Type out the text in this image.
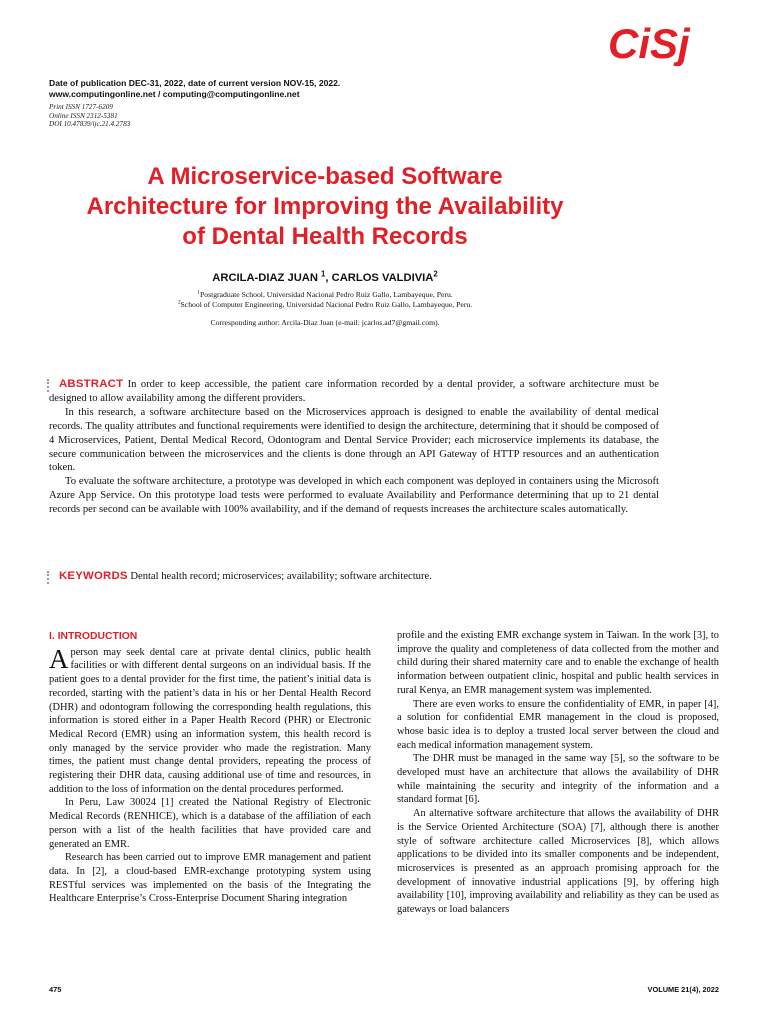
CiSj
Date of publication DEC-31, 2022, date of current version NOV-15, 2022.
www.computingonline.net / computing@computingonline.net
Print ISSN 1727-6209
Online ISSN 2312-5381
DOI 10.47839/ijc.21.4.2783
A Microservice-based Software
Architecture for Improving the Availability
of Dental Health Records
ARCILA-DIAZ JUAN $^1$, CARLOS VALDIVIA$^2$
$^1$Postgraduate School, Universidad Nacional Pedro Ruiz Gallo, Lambayeque, Peru.
$^2$School of Computer Engineering, Universidad Nacional Pedro Ruiz Gallo, Lambayeque, Peru.
Corresponding author: Arcila-Diaz Juan (e-mail: jcarlos.ad7@gmail.com).

ABSTRACT In order to keep accessible, the patient care information recorded by a dental provider, a software architecture must be designed to allow availability among the different providers.

In this research, a software architecture based on the Microservices approach is designed to enable the availability of dental medical records. The quality attributes and functional requirements were identified to design the architecture, determining that it should be composed of 4 Microservices, Patient, Dental Medical Record, Odontogram and Dental Service Provider; each microservice implements its database, the secure communication between the microservices and the clients is done through an API Gateway of HTTP resources and an authentication token.

To evaluate the software architecture, a prototype was developed in which each component was deployed in containers using the Microsoft Azure App Service. On this prototype load tests were performed to evaluate Availability and Performance determining that up to 21 dental records per second can be available with 100% availability, and if the demand of requests increases the architecture scales automatically.

KEYWORDS Dental health record; microservices; availability; software architecture.
I. INTRODUCTION

Aperson may seek dental care at private dental clinics, public health facilities or with different dental surgeons on an individual basis. If the patient goes to a dental provider for the first time, the patient’s initial data is recorded, starting with the patient’s data in his or her Dental Health Record (DHR) and odontogram following the corresponding health regulations, this information is stored either in a Paper Health Record (PHR) or Electronic Medical Record (EMR) using an information system, this health record is only managed by the service provider who made the registration. Many times, the patient must change dental providers, repeating the process of registering their DHR data, causing additional use of time and resources, in addition to the loss of information on the dental procedures performed.

In Peru, Law 30024 [1] created the National Registry of Electronic Medical Records (RENHICE), which is a database of the affiliation of each person with a list of the health facilities that have provided care and generated an EMR.

Research has been carried out to improve EMR management and patient data. In [2], a cloud-based EMR-exchange prototyping system using RESTful services was implemented on the basis of the Integrating the Healthcare Enterprise’s Cross-Enterprise Document Sharing integration

profile and the existing EMR exchange system in Taiwan. In the work [3], to improve the quality and completeness of data collected from the mother and child during their shared maternity care and to enable the exchange of health information between outpatient clinic, hospital and public health services in rural Kenya, an EMR management system was implemented.

There are even works to ensure the confidentiality of EMR, in paper [4], a solution for confidential EMR management in the cloud is proposed, whose basic idea is to deploy a trusted local server between the cloud and each medical information management system.

The DHR must be managed in the same way [5], so the software to be developed must have an architecture that allows the availability of DHR while maintaining the security and integrity of the information and a standard format [6].

An alternative software architecture that allows the availability of DHR is the Service Oriented Architecture (SOA) [7], although there is another style of software architecture called Microservices [8], which allows applications to be divided into its smaller components and be independent, microservices is presented as an approach promising approach for the development of innovative industrial applications [9], by offering high availability [10], improving availability and reliability as they can be used as gateways or load balancers

475	VOLUME 21(4), 2022
